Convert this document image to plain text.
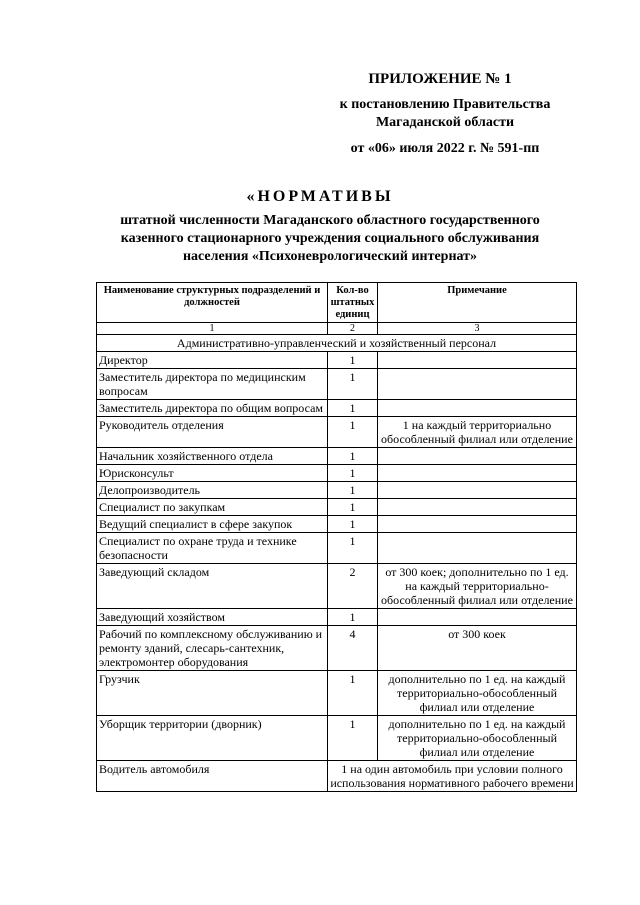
ПРИЛОЖЕНИЕ № 1
к постановлению Правительства
Магаданской области
от «06» июля 2022 г. № 591-пп
«НОРМАТИВЫ
штатной численности Магаданского областного государственного казенного стационарного учреждения социального обслуживания населения «Психоневрологический интернат»
Наименование структурных подразделений и должностей	Кол-во штатных единиц	Примечание
1	2	3
Административно-управленческий и хозяйственный персонал		
Директор	1	
Заместитель директора по медицинским вопросам	1	
Заместитель директора по общим вопросам	1	
Руководитель отделения	1	1 на каждый территориально обособленный филиал или отделение
Начальник хозяйственного отдела	1	
Юрисконсульт	1	
Делопроизводитель	1	
Специалист по закупкам	1	
Ведущий специалист в сфере закупок	1	
Специалист по охране труда и технике безопасности	1	
Заведующий складом	2	от 300 коек; дополнительно по 1 ед. на каждый территориально-обособленный филиал или отделение
Заведующий хозяйством	1	
Рабочий по комплексному обслуживанию и ремонту зданий, слесарь-сантехник, электромонтер оборудования	4	от 300 коек
Грузчик	1	дополнительно по 1 ед. на каждый территориально-обособленный филиал или отделение
Уборщик территории (дворник)	1	дополнительно по 1 ед. на каждый территориально-обособленный филиал или отделение
Водитель автомобиля	1 на один автомобиль при условии полного использования нормативного рабочего времени	
